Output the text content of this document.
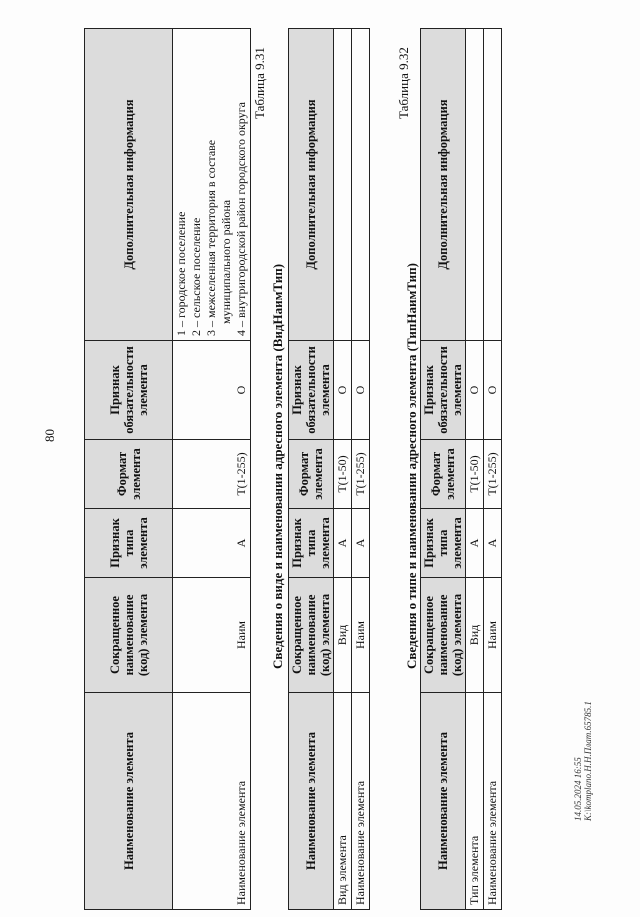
80
Наименование элемента	Сокращенное наименование (код) элемента	Признак типа элемента	Формат элемента	Признак обязательности элемента	Дополнительная информация
Наименование элемента	Наим	А	T(1-255)	О	1 – городское поселение 2 – сельское поселение 3 – межселенная территория в составе муниципального района 4 – внутригородской район городского округа
Таблица 9.31
Сведения о виде и наименовании адресного элемента (ВидНаимТип)
Наименование элемента	Сокращенное наименование (код) элемента	Признак типа элемента	Формат элемента	Признак обязательности элемента	Дополнительная информация
Вид элемента	Вид	А	T(1-50)	О	
Наименование элемента	Наим	А	T(1-255)	О	
Таблица 9.32
Сведения о типе и наименовании адресного элемента (ТипНаимТип)
Наименование элемента	Сокращенное наименование (код) элемента	Признак типа элемента	Формат элемента	Признак обязательности элемента	Дополнительная информация
Тип элемента	Вид	А	T(1-50)	О	
Наименование элемента	Наим	А	T(1-255)	О	
14.05.2024 16:55 К:\komplano.H.H.Плат.65785.1
